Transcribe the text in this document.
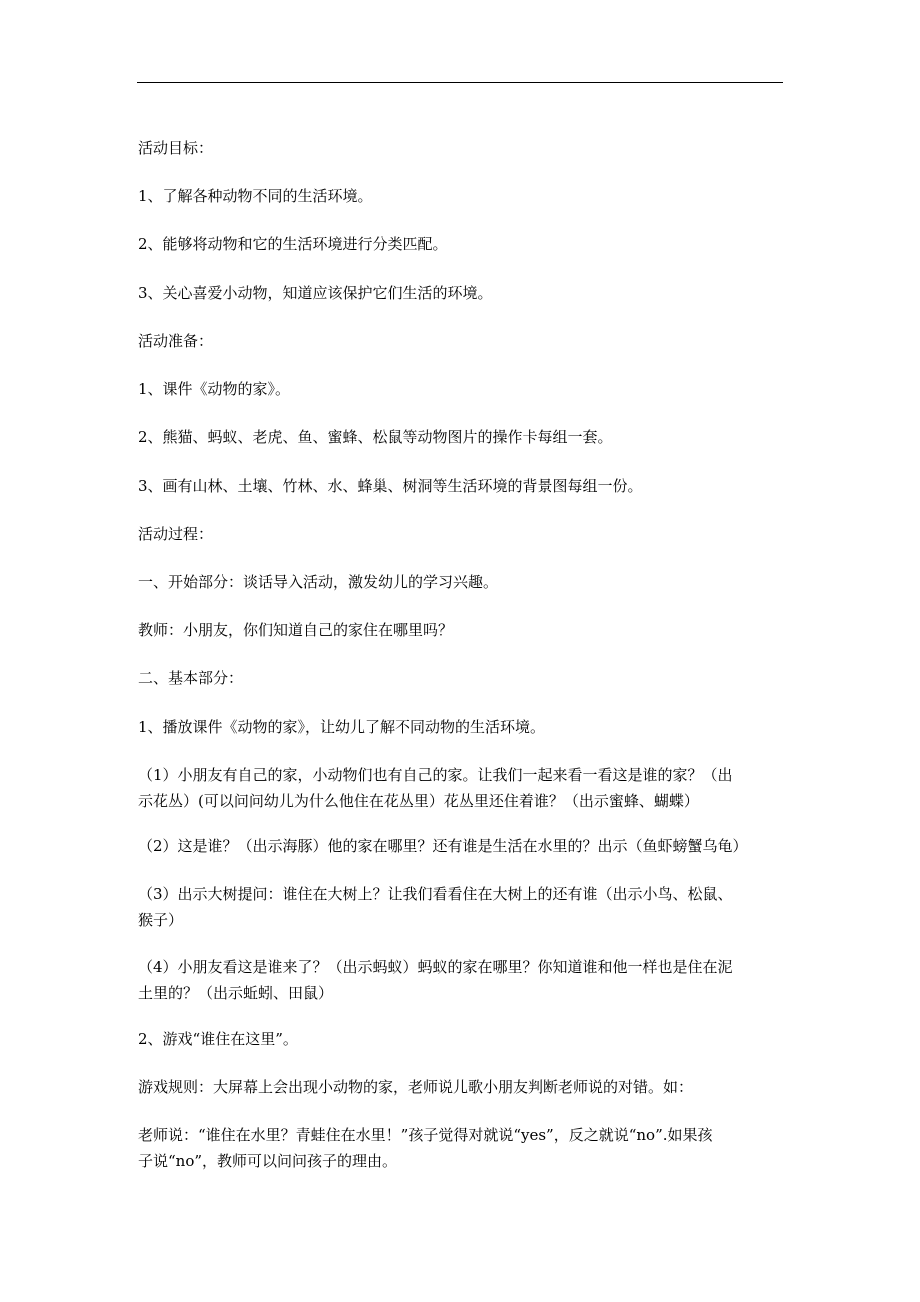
活动目标：
1、了解各种动物不同的生活环境。
2、能够将动物和它的生活环境进行分类匹配。
3、关心喜爱小动物，知道应该保护它们生活的环境。
活动准备：
1、课件《动物的家》。
2、熊猫、蚂蚁、老虎、鱼、蜜蜂、松鼠等动物图片的操作卡每组一套。
3、画有山林、土壤、竹林、水、蜂巢、树洞等生活环境的背景图每组一份。
活动过程：
一、开始部分：谈话导入活动，激发幼儿的学习兴趣。
教师：小朋友，你们知道自己的家住在哪里吗？
二、基本部分：
1、播放课件《动物的家》，让幼儿了解不同动物的生活环境。
（1）小朋友有自己的家，小动物们也有自己的家。让我们一起来看一看这是谁的家？（出
示花丛）(可以问问幼儿为什么他住在花丛里）花丛里还住着谁？（出示蜜蜂、蝴蝶）
（2）这是谁？（出示海豚）他的家在哪里？还有谁是生活在水里的？出示（鱼虾螃蟹乌龟）
（3）出示大树提问：谁住在大树上？让我们看看住在大树上的还有谁（出示小鸟、松鼠、
猴子）
（4）小朋友看这是谁来了？（出示蚂蚁）蚂蚁的家在哪里？你知道谁和他一样也是住在泥
土里的？（出示蚯蚓、田鼠）
2、游戏“谁住在这里”。
游戏规则：大屏幕上会出现小动物的家，老师说儿歌小朋友判断老师说的对错。如：
老师说：“谁住在水里？青蛙住在水里！”孩子觉得对就说“yes”，反之就说“no”.如果孩
子说“no”，教师可以问问孩子的理由。
